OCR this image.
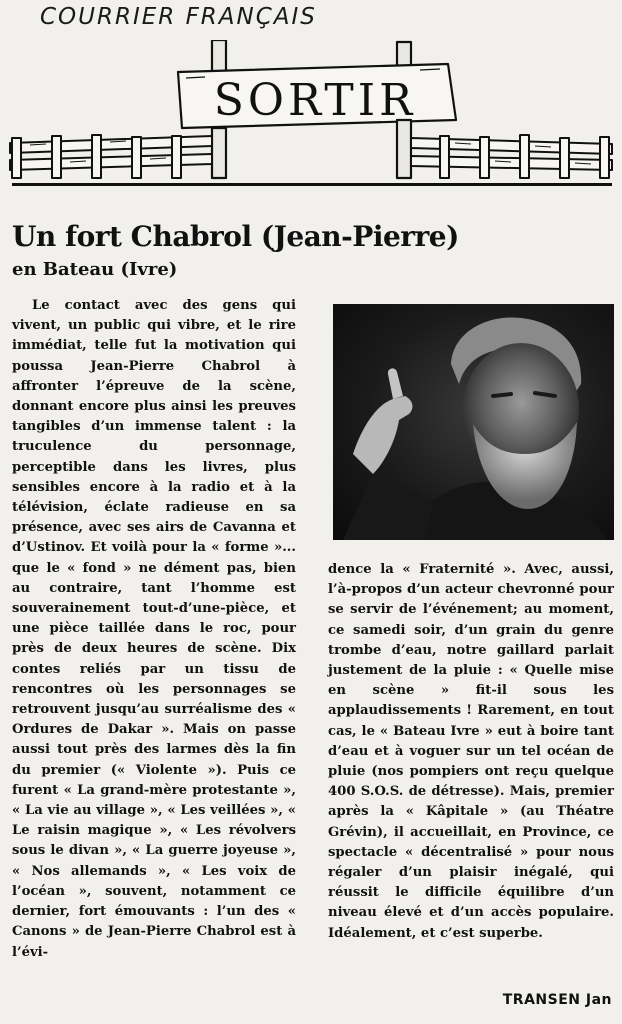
COURRIER FRANÇAIS
SORTIR
Un fort Chabrol (Jean-Pierre)
en Bateau (Ivre)
Le contact avec des gens qui vivent, un public qui vibre, et le rire immédiat, telle fut la motivation qui poussa Jean-Pierre Chabrol à affronter l’épreuve de la scène, donnant encore plus ainsi les preuves tangibles d’un immense talent : la truculence du personnage, perceptible dans les livres, plus sensibles encore à la radio et à la télévision, éclate radieuse en sa présence, avec ses airs de Cavanna et d’Ustinov. Et voilà pour la « forme »... que le « fond » ne dément pas, bien au contraire, tant l’homme est souverainement tout-d’une-pièce, et une pièce taillée dans le roc, pour près de deux heures de scène. Dix contes reliés par un tissu de rencontres où les personnages se retrouvent jusqu’au surréalisme des « Ordures de Dakar ». Mais on passe aussi tout près des larmes dès la fin du premier (« Violente »). Puis ce furent « La grand-mère protestante », « La vie au village », « Les veillées », « Le raisin magique », « Les révolvers sous le divan », « La guerre joyeuse », « Nos allemands », « Les voix de l’océan », souvent, notamment ce dernier, fort émouvants : l’un des « Canons » de Jean-Pierre Chabrol est à l’évi-
dence la « Fraternité ». Avec, aussi, l’à-propos d’un acteur chevronné pour se servir de l’événement; au moment, ce samedi soir, d’un grain du genre trombe d’eau, notre gaillard parlait justement de la pluie : « Quelle mise en scène » fit-il sous les applaudissements ! Rarement, en tout cas, le « Bateau Ivre » eut à boire tant d’eau et à voguer sur un tel océan de pluie (nos pompiers ont reçu quelque 400 S.O.S. de détresse). Mais, premier après la « Kâpitale » (au Théatre Grévin), il accueillait, en Province, ce spectacle « décentralisé » pour nous régaler d’un plaisir inégalé, qui réussit le difficile équilibre d’un niveau élevé et d’un accès populaire. Idéalement, et c’est superbe.
TRANSEN Jan
